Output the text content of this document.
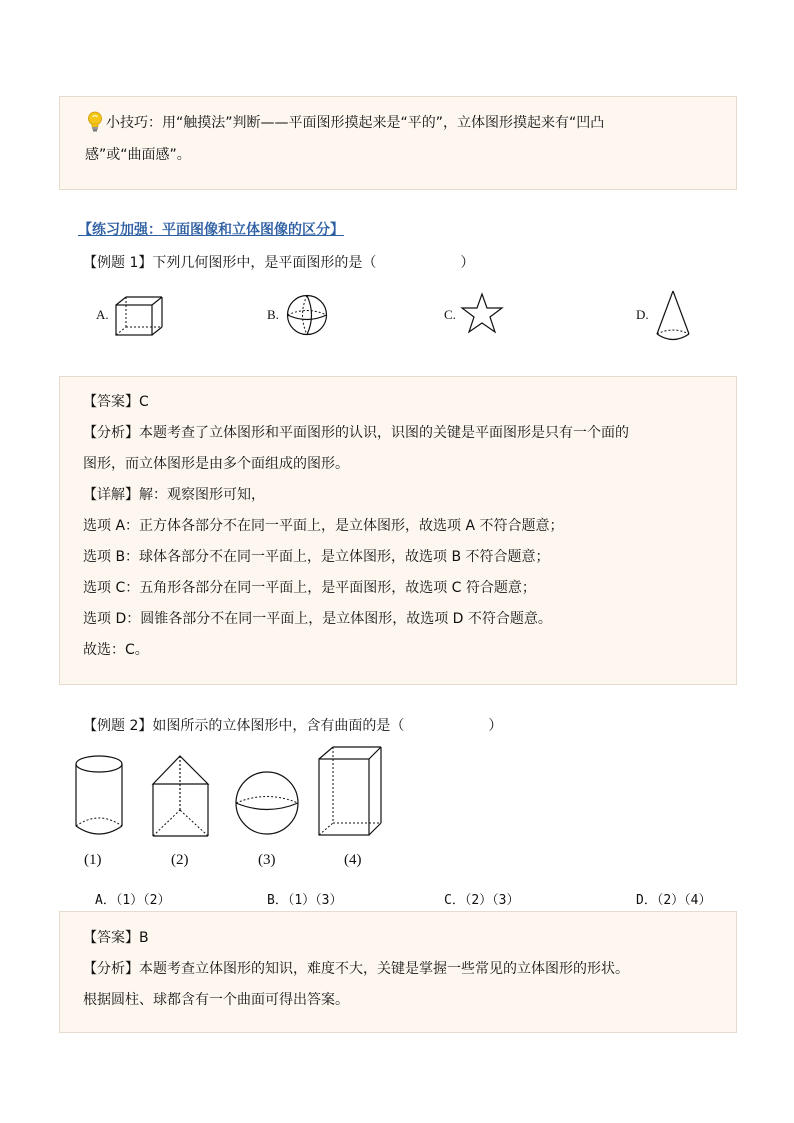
小技巧：用“触摸法”判断——平面图形摸起来是“平的”，立体图形摸起来有“凹凸
感”或“曲面感”。
【练习加强：平面图像和立体图像的区分】
【例题 1】下列几何图形中，是平面图形的是（　　　　　　）
A.	B.	C.	D.
【答案】C
【分析】本题考查了立体图形和平面图形的认识，识图的关键是平面图形是只有一个面的
图形，而立体图形是由多个面组成的图形。
【详解】解：观察图形可知，
选项 A：正方体各部分不在同一平面上，是立体图形，故选项 A 不符合题意；
选项 B：球体各部分不在同一平面上，是立体图形，故选项 B 不符合题意；
选项 C：五角形各部分在同一平面上，是平面图形，故选项 C 符合题意；
选项 D：圆锥各部分不在同一平面上，是立体图形，故选项 D 不符合题意。
故选：C。
【例题 2】如图所示的立体图形中，含有曲面的是（　　　　　　）
(1)	(2)	(3)	(4)
A．（1）（2）	B．（1）（3）	C．（2）（3）	D．（2）（4）
【答案】B
【分析】本题考查立体图形的知识，难度不大，关键是掌握一些常见的立体图形的形状。
根据圆柱、球都含有一个曲面可得出答案。
